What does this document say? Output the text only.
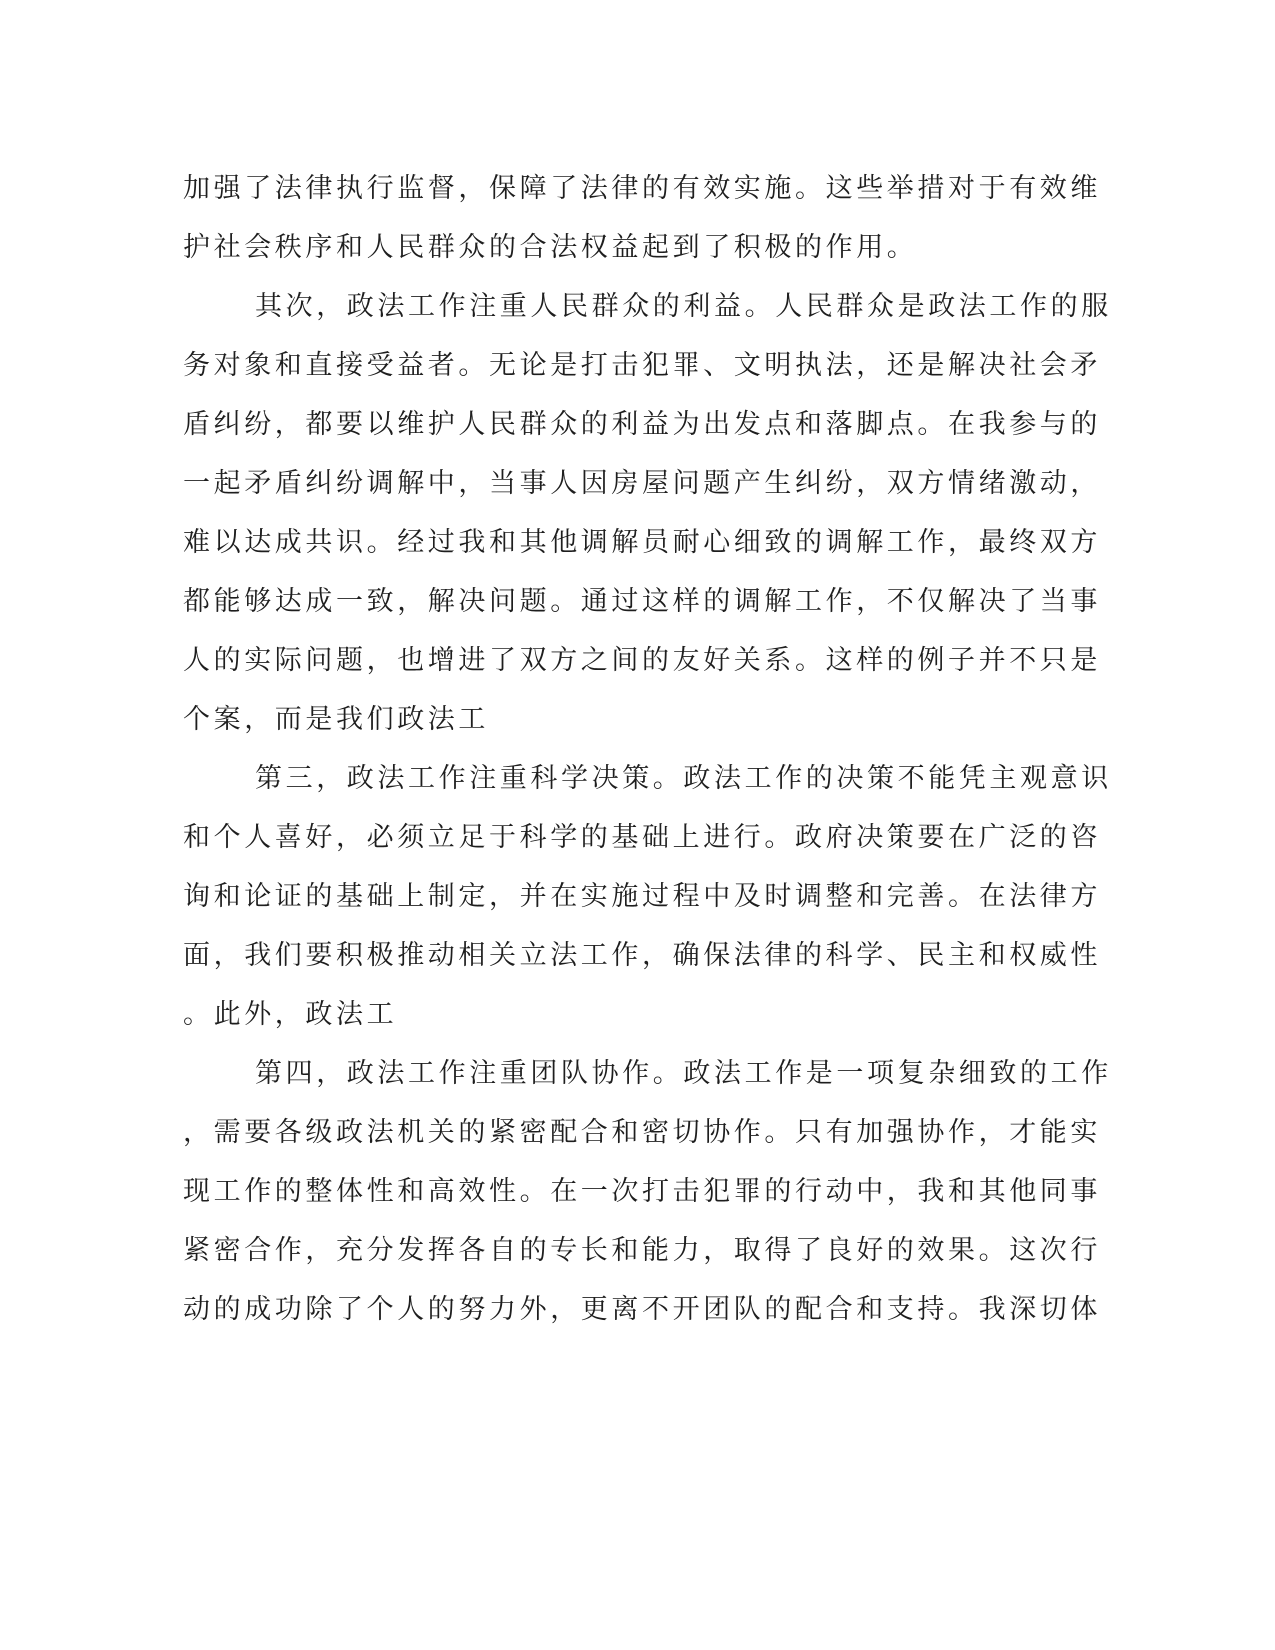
加强了法律执行监督，保障了法律的有效实施。这些举措对于有效维
护社会秩序和人民群众的合法权益起到了积极的作用。
其次，政法工作注重人民群众的利益。人民群众是政法工作的服
务对象和直接受益者。无论是打击犯罪、文明执法，还是解决社会矛
盾纠纷，都要以维护人民群众的利益为出发点和落脚点。在我参与的
一起矛盾纠纷调解中，当事人因房屋问题产生纠纷，双方情绪激动，
难以达成共识。经过我和其他调解员耐心细致的调解工作，最终双方
都能够达成一致，解决问题。通过这样的调解工作，不仅解决了当事
人的实际问题，也增进了双方之间的友好关系。这样的例子并不只是
个案，而是我们政法工
第三，政法工作注重科学决策。政法工作的决策不能凭主观意识
和个人喜好，必须立足于科学的基础上进行。政府决策要在广泛的咨
询和论证的基础上制定，并在实施过程中及时调整和完善。在法律方
面，我们要积极推动相关立法工作，确保法律的科学、民主和权威性
。此外，政法工
第四，政法工作注重团队协作。政法工作是一项复杂细致的工作
，需要各级政法机关的紧密配合和密切协作。只有加强协作，才能实
现工作的整体性和高效性。在一次打击犯罪的行动中，我和其他同事
紧密合作，充分发挥各自的专长和能力，取得了良好的效果。这次行
动的成功除了个人的努力外，更离不开团队的配合和支持。我深切体
